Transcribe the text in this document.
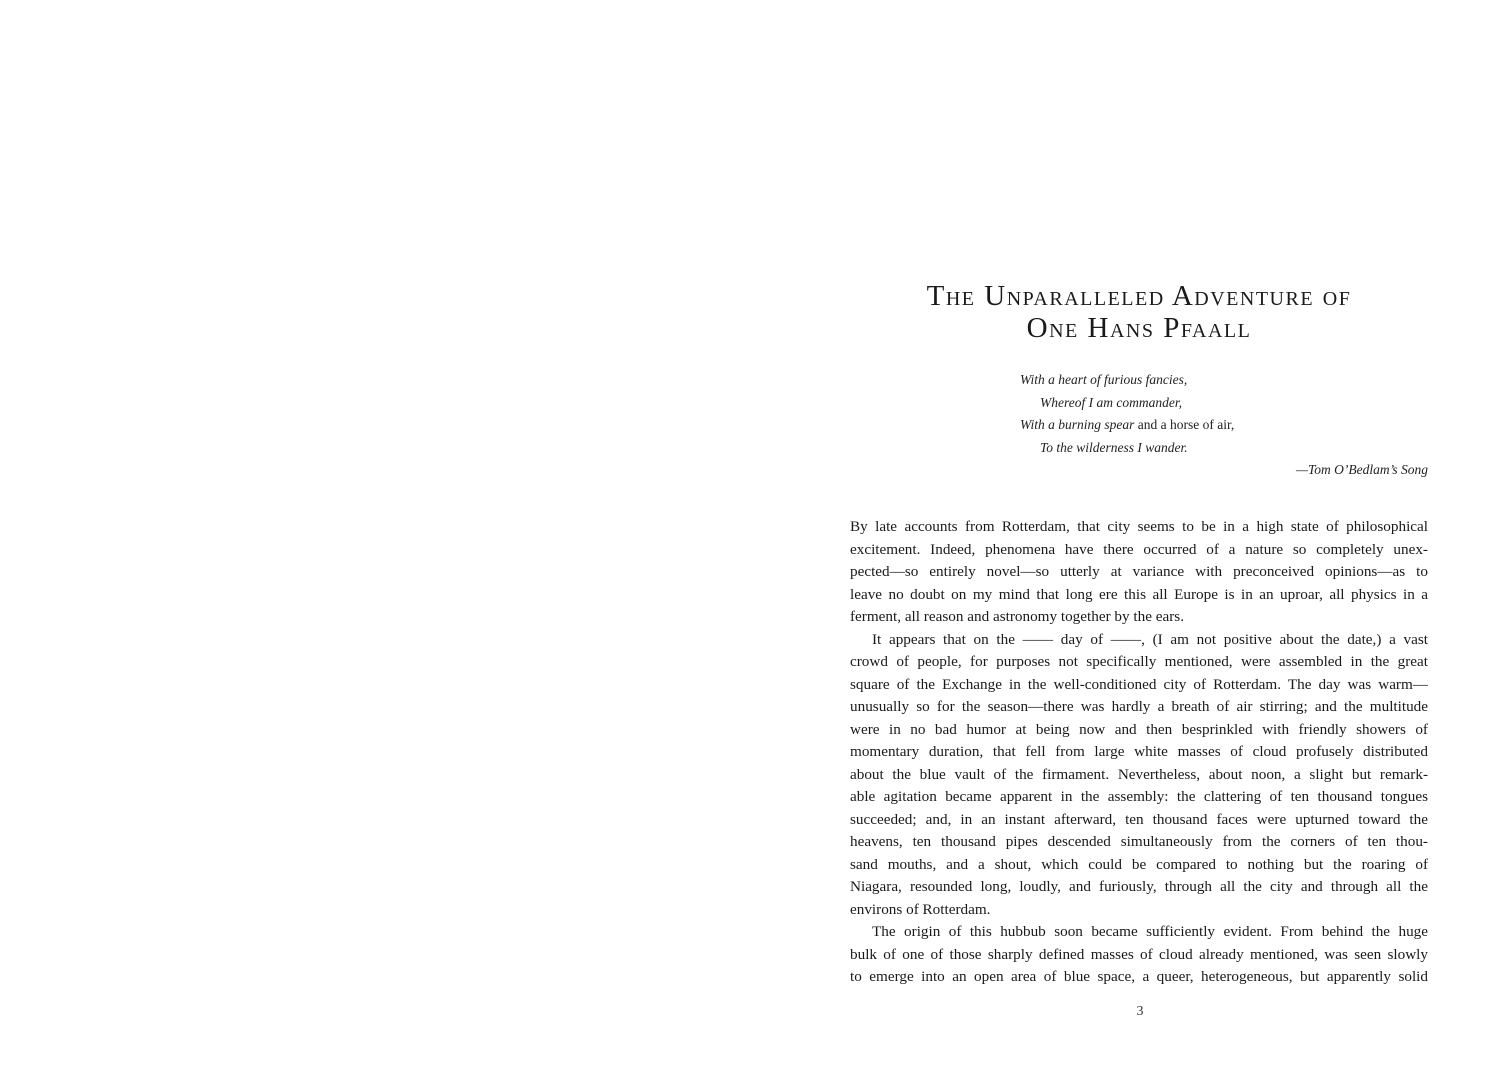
The Unparalleled Adventure of
One Hans Pfaall
With a heart of furious fancies,
Whereof I am commander,
With a burning spear and a horse of air,
To the wilderness I wander.
—Tom O’Bedlam’s Song
By late accounts from Rotterdam, that city seems to be in a high state of philosophical
excitement. Indeed, phenomena have there occurred of a nature so completely unex-
pected—so entirely novel—so utterly at variance with preconceived opinions—as to
leave no doubt on my mind that long ere this all Europe is in an uproar, all physics in a
ferment, all reason and astronomy together by the ears.
It appears that on the —— day of ——, (I am not positive about the date,) a vast
crowd of people, for purposes not specifically mentioned, were assembled in the great
square of the Exchange in the well-conditioned city of Rotterdam. The day was warm—
unusually so for the season—there was hardly a breath of air stirring; and the multitude
were in no bad humor at being now and then besprinkled with friendly showers of
momentary duration, that fell from large white masses of cloud profusely distributed
about the blue vault of the firmament. Nevertheless, about noon, a slight but remark-
able agitation became apparent in the assembly: the clattering of ten thousand tongues
succeeded; and, in an instant afterward, ten thousand faces were upturned toward the
heavens, ten thousand pipes descended simultaneously from the corners of ten thou-
sand mouths, and a shout, which could be compared to nothing but the roaring of
Niagara, resounded long, loudly, and furiously, through all the city and through all the
environs of Rotterdam.
The origin of this hubbub soon became sufficiently evident. From behind the huge
bulk of one of those sharply defined masses of cloud already mentioned, was seen slowly
to emerge into an open area of blue space, a queer, heterogeneous, but apparently solid
3
